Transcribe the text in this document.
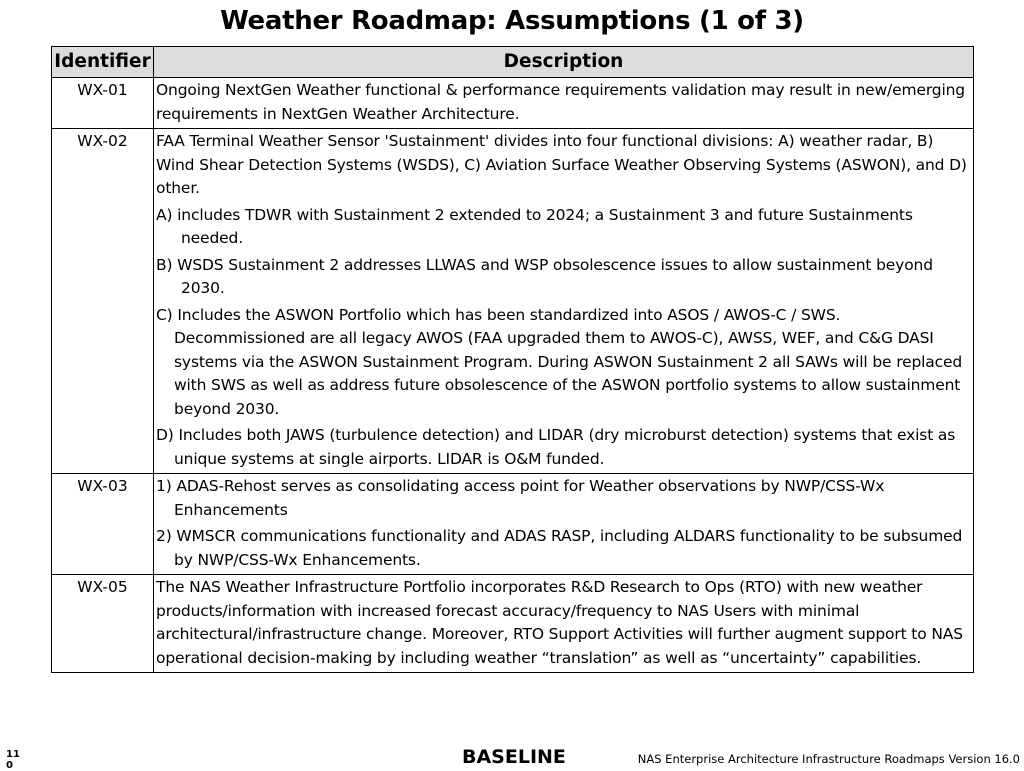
Weather Roadmap: Assumptions (1 of 3)
Identifier	Description
WX-01	Ongoing NextGen Weather functional & performance requirements validation may result in new/emerging requirements in NextGen Weather Architecture.

WX-02	FAA Terminal Weather Sensor 'Sustainment' divides into four functional divisions: A) weather radar, B) Wind Shear Detection Systems (WSDS), C) Aviation Surface Weather Observing Systems (ASWON), and D) other.

A) includes TDWR with Sustainment 2 extended to 2024; a Sustainment 3 and future Sustainments needed.

B) WSDS Sustainment 2 addresses LLWAS and WSP obsolescence issues to allow sustainment beyond 2030.

C) Includes the ASWON Portfolio which has been standardized into ASOS / AWOS-C / SWS. Decommissioned are all legacy AWOS (FAA upgraded them to AWOS-C), AWSS, WEF, and C&G DASI systems via the ASWON Sustainment Program. During ASWON Sustainment 2 all SAWs will be replaced with SWS as well as address future obsolescence of the ASWON portfolio systems to allow sustainment beyond 2030.

D) Includes both JAWS (turbulence detection) and LIDAR (dry microburst detection) systems that exist as unique systems at single airports. LIDAR is O&M funded.

WX-03	1) ADAS-Rehost serves as consolidating access point for Weather observations by NWP/CSS-Wx Enhancements

2) WMSCR communications functionality and ADAS RASP, including ALDARS functionality to be subsumed by NWP/CSS-Wx Enhancements.

WX-05	The NAS Weather Infrastructure Portfolio incorporates R&D Research to Ops (RTO) with new weather products/information with increased forecast accuracy/frequency to NAS Users with minimal architectural/infrastructure change. Moreover, RTO Support Activities will further augment support to NAS operational decision-making by including weather “translation” as well as “uncertainty” capabilities.

110	BASELINE	NAS Enterprise Architecture Infrastructure Roadmaps Version 16.0
